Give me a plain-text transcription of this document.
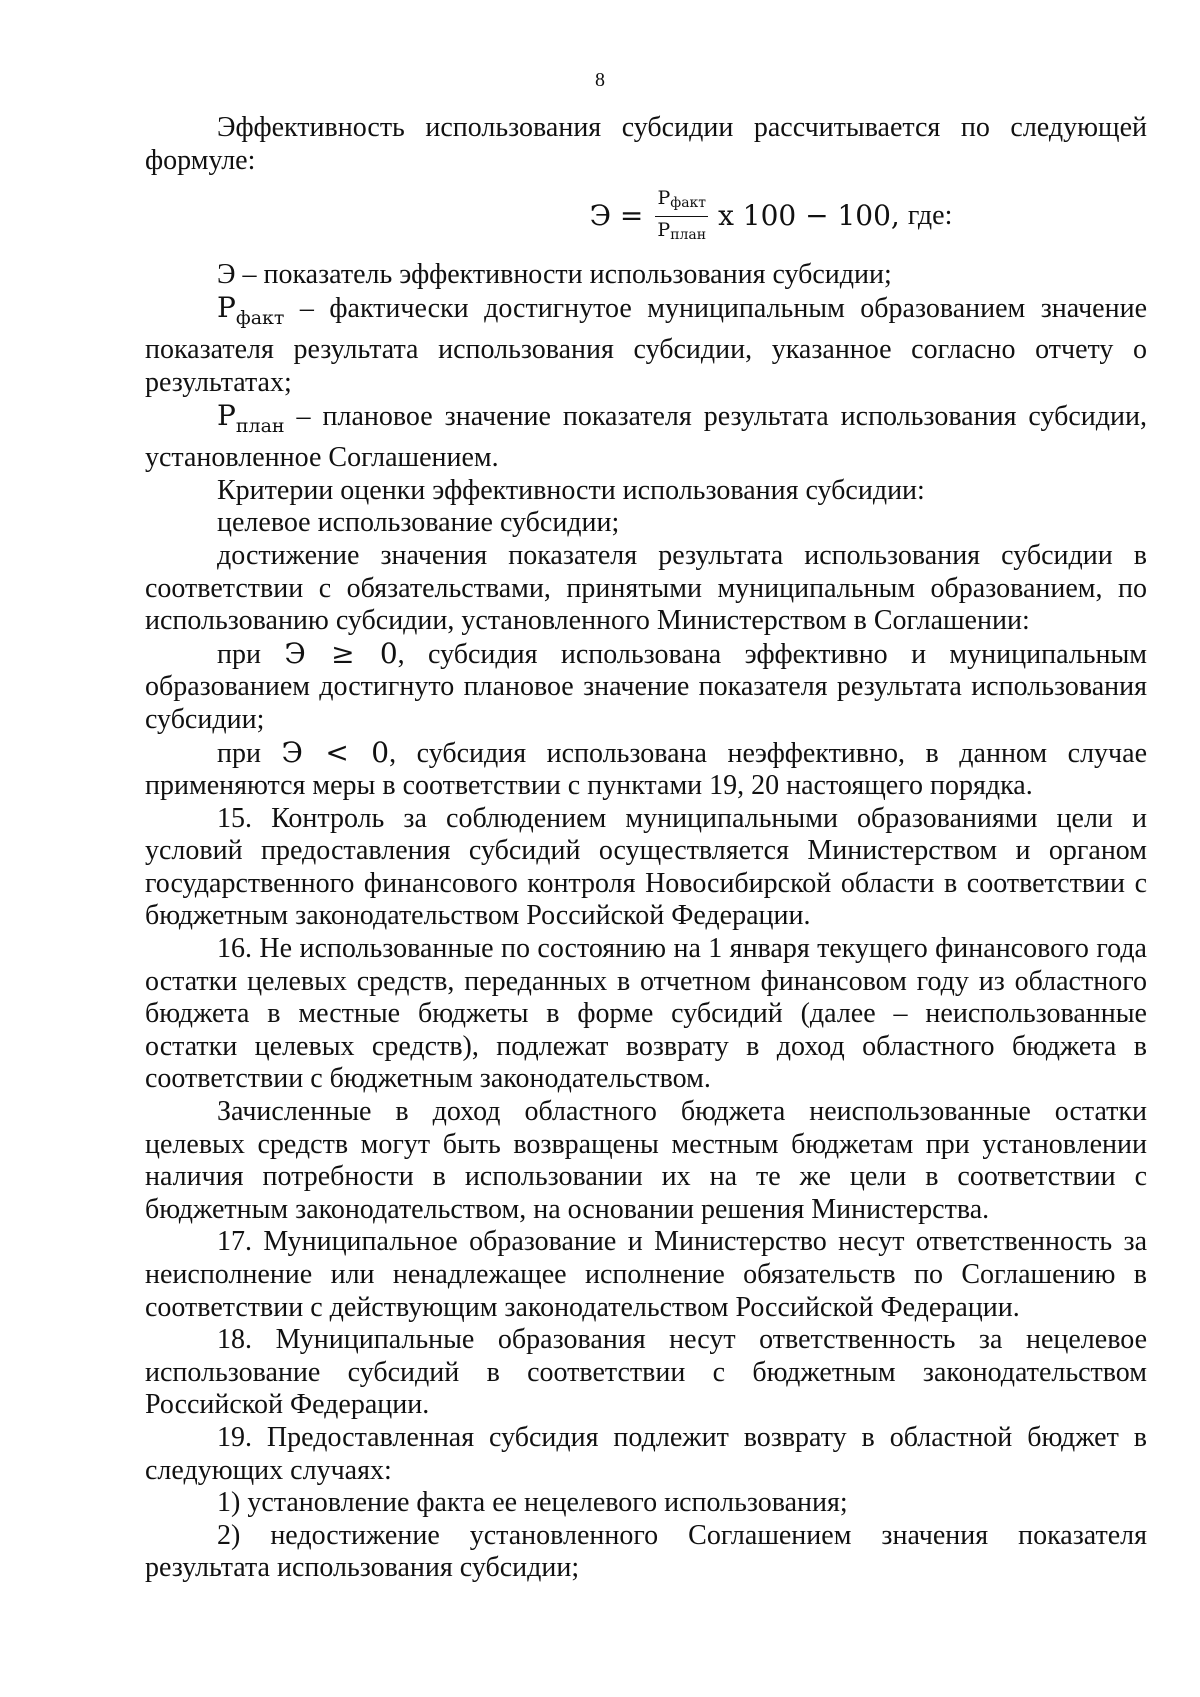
8

Эффективность использования субсидии рассчитывается по следующей формуле:

$Э = \frac{Р_{факт}}{Р_{план}}$ х 100 − 100, где:

Э – показатель эффективности использования субсидии;

$Р_{факт}$ – фактически достигнутое муниципальным образованием значение показателя результата использования субсидии, указанное согласно отчету о результатах;

$Р_{план}$ – плановое значение показателя результата использования субсидии, установленное Соглашением.

Критерии оценки эффективности использования субсидии:

целевое использование субсидии;

достижение значения показателя результата использования субсидии в соответствии с обязательствами, принятыми муниципальным образованием, по использованию субсидии, установленного Министерством в Соглашении:

при Э ≥ 0, субсидия использована эффективно и муниципальным образованием достигнуто плановое значение показателя результата использования субсидии;

при Э < 0, субсидия использована неэффективно, в данном случае применяются меры в соответствии с пунктами 19, 20 настоящего порядка.

15. Контроль за соблюдением муниципальными образованиями цели и условий предоставления субсидий осуществляется Министерством и органом государственного финансового контроля Новосибирской области в соответствии с бюджетным законодательством Российской Федерации.

16. Не использованные по состоянию на 1 января текущего финансового года остатки целевых средств, переданных в отчетном финансовом году из областного бюджета в местные бюджеты в форме субсидий (далее – неиспользованные остатки целевых средств), подлежат возврату в доход областного бюджета в соответствии с бюджетным законодательством.

Зачисленные в доход областного бюджета неиспользованные остатки целевых средств могут быть возвращены местным бюджетам при установлении наличия потребности в использовании их на те же цели в соответствии с бюджетным законодательством, на основании решения Министерства.

17. Муниципальное образование и Министерство несут ответственность за неисполнение или ненадлежащее исполнение обязательств по Соглашению в соответствии с действующим законодательством Российской Федерации.

18. Муниципальные образования несут ответственность за нецелевое использование субсидий в соответствии с бюджетным законодательством Российской Федерации.

19. Предоставленная субсидия подлежит возврату в областной бюджет в следующих случаях:

1) установление факта ее нецелевого использования;

2) недостижение установленного Соглашением значения показателя результата использования субсидии;
